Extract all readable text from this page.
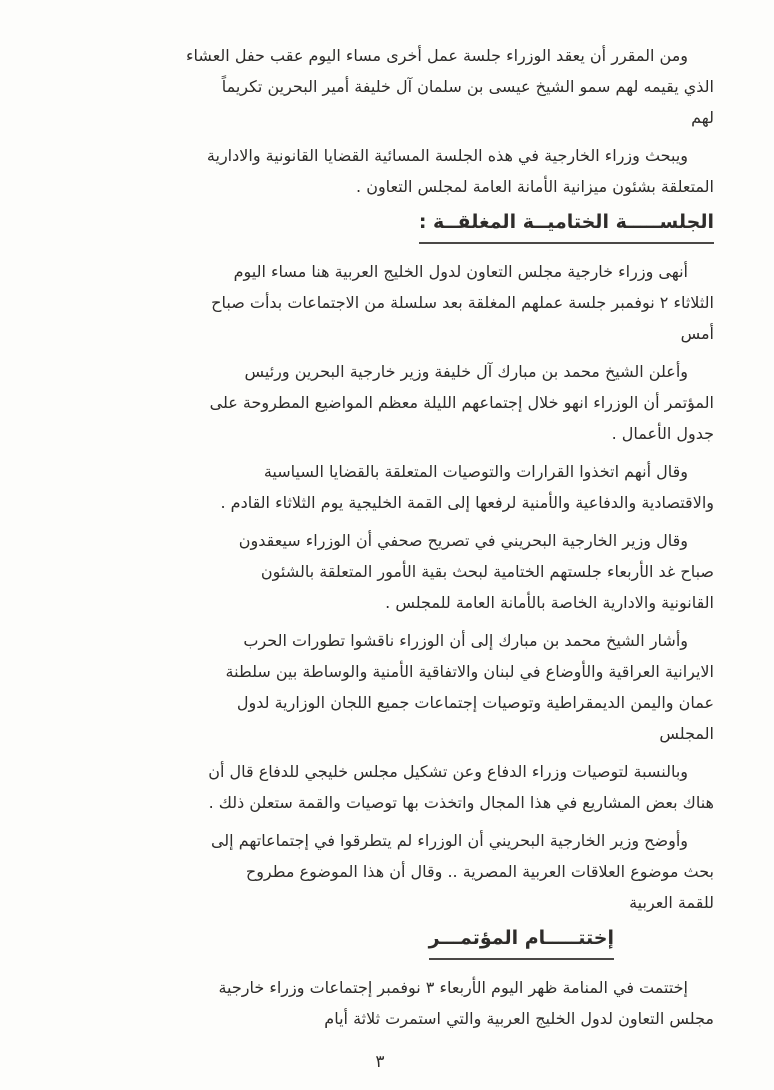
ومن المقرر أن يعقد الوزراء جلسة عمل أخرى مساء اليوم عقب حفل العشاء
الذي يقيمه لهم سمو الشيخ عيسى بن سلمان آل خليفة أمير البحرين تكريماً
لهم

ويبحث وزراء الخارجية في هذه الجلسة المسائية القضايا القانونية والادارية
المتعلقة بشئون ميزانية الأمانة العامة لمجلس التعاون .

الجلســـــة الختاميــة المغلقــة :

أنهى وزراء خارجية مجلس التعاون لدول الخليج العربية هنا مساء اليوم
الثلاثاء ٢ نوفمبر جلسة عملهم المغلقة بعد سلسلة من الاجتماعات بدأت صباح
أمس

وأعلن الشيخ محمد بن مبارك آل خليفة وزير خارجية البحرين ورئيس
المؤتمر أن الوزراء انهو خلال إجتماعهم الليلة معظم المواضيع المطروحة على
جدول الأعمال .

وقال أنهم اتخذوا القرارات والتوصيات المتعلقة بالقضايا السياسية
والاقتصادية والدفاعية والأمنية لرفعها إلى القمة الخليجية يوم الثلاثاء القادم .

وقال وزير الخارجية البحريني في تصريح صحفي أن الوزراء سيعقدون
صباح غد الأربعاء جلستهم الختامية لبحث بقية الأمور المتعلقة بالشئون
القانونية والادارية الخاصة بالأمانة العامة للمجلس .

وأشار الشيخ محمد بن مبارك إلى أن الوزراء ناقشوا تطورات الحرب
الايرانية العراقية والأوضاع في لبنان والاتفاقية الأمنية والوساطة بين سلطنة
عمان واليمن الديمقراطية وتوصيات إجتماعات جميع اللجان الوزارية لدول
المجلس

وبالنسبة لتوصيات وزراء الدفاع وعن تشكيل مجلس خليجي للدفاع قال أن
هناك بعض المشاريع في هذا المجال واتخذت بها توصيات والقمة ستعلن ذلك .

وأوضح وزير الخارجية البحريني أن الوزراء لم يتطرقوا في إجتماعاتهم إلى
بحث موضوع العلاقات العربية المصرية .. وقال أن هذا الموضوع مطروح
للقمة العربية

إختتـــــام المؤتمـــر

إختتمت في المنامة ظهر اليوم الأربعاء ٣ نوفمبر إجتماعات وزراء خارجية
مجلس التعاون لدول الخليج العربية والتي استمرت ثلاثة أيام

٣
